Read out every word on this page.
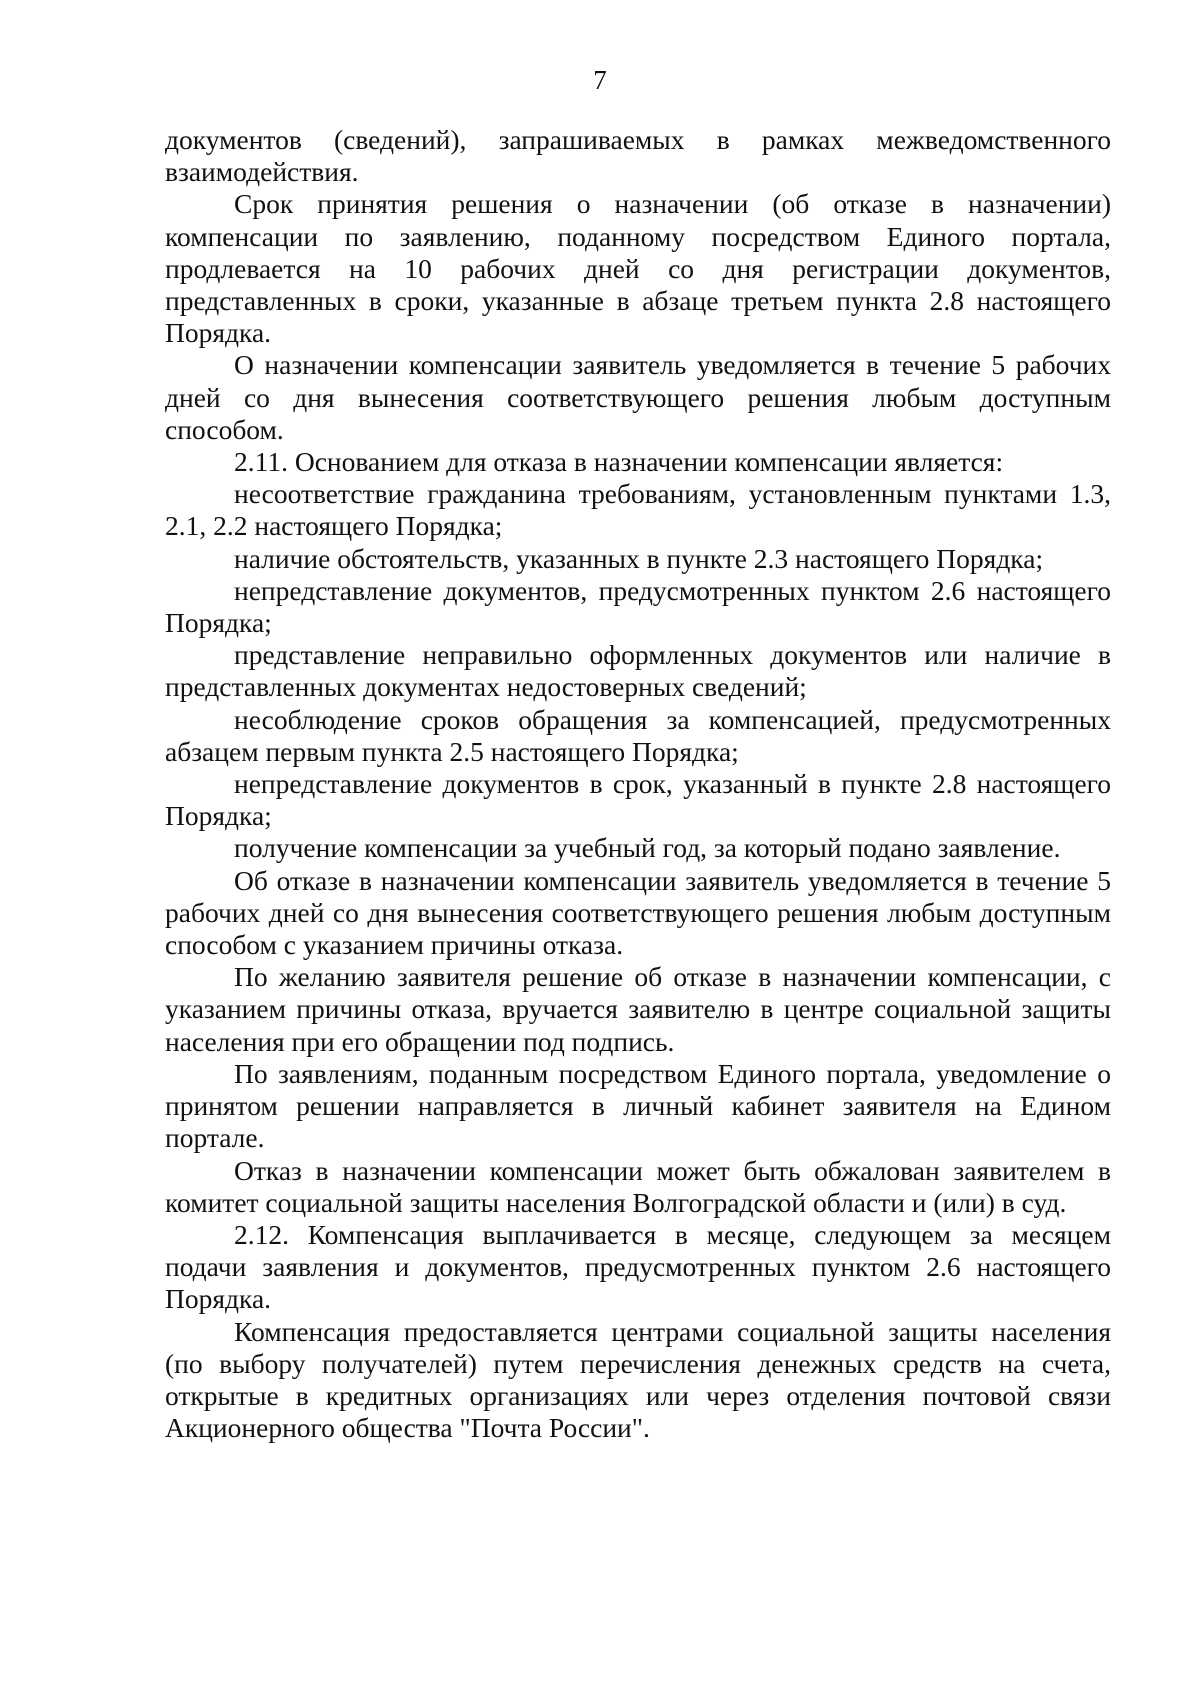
7

документов (сведений), запрашиваемых в рамках межведомственного взаимодействия.

Срок принятия решения о назначении (об отказе в назначении) компенсации по заявлению, поданному посредством Единого портала, продлевается на 10 рабочих дней со дня регистрации документов, представленных в сроки, указанные в абзаце третьем пункта 2.8 настоящего Порядка.

О назначении компенсации заявитель уведомляется в течение 5 рабочих дней со дня вынесения соответствующего решения любым доступным способом.

2.11. Основанием для отказа в назначении компенсации является:

несоответствие гражданина требованиям, установленным пунктами 1.3, 2.1, 2.2 настоящего Порядка;

наличие обстоятельств, указанных в пункте 2.3 настоящего Порядка;

непредставление документов, предусмотренных пунктом 2.6 настоящего Порядка;

представление неправильно оформленных документов или наличие в представленных документах недостоверных сведений;

несоблюдение сроков обращения за компенсацией, предусмотренных абзацем первым пункта 2.5 настоящего Порядка;

непредставление документов в срок, указанный в пункте 2.8 настоящего Порядка;

получение компенсации за учебный год, за который подано заявление.

Об отказе в назначении компенсации заявитель уведомляется в течение 5 рабочих дней со дня вынесения соответствующего решения любым доступным способом с указанием причины отказа.

По желанию заявителя решение об отказе в назначении компенсации, с указанием причины отказа, вручается заявителю в центре социальной защиты населения при его обращении под подпись.

По заявлениям, поданным посредством Единого портала, уведомление о принятом решении направляется в личный кабинет заявителя на Едином портале.

Отказ в назначении компенсации может быть обжалован заявителем в комитет социальной защиты населения Волгоградской области и (или) в суд.

2.12. Компенсация выплачивается в месяце, следующем за месяцем подачи заявления и документов, предусмотренных пунктом 2.6 настоящего Порядка.

Компенсация предоставляется центрами социальной защиты населения (по выбору получателей) путем перечисления денежных средств на счета, открытые в кредитных организациях или через отделения почтовой связи Акционерного общества "Почта России".
